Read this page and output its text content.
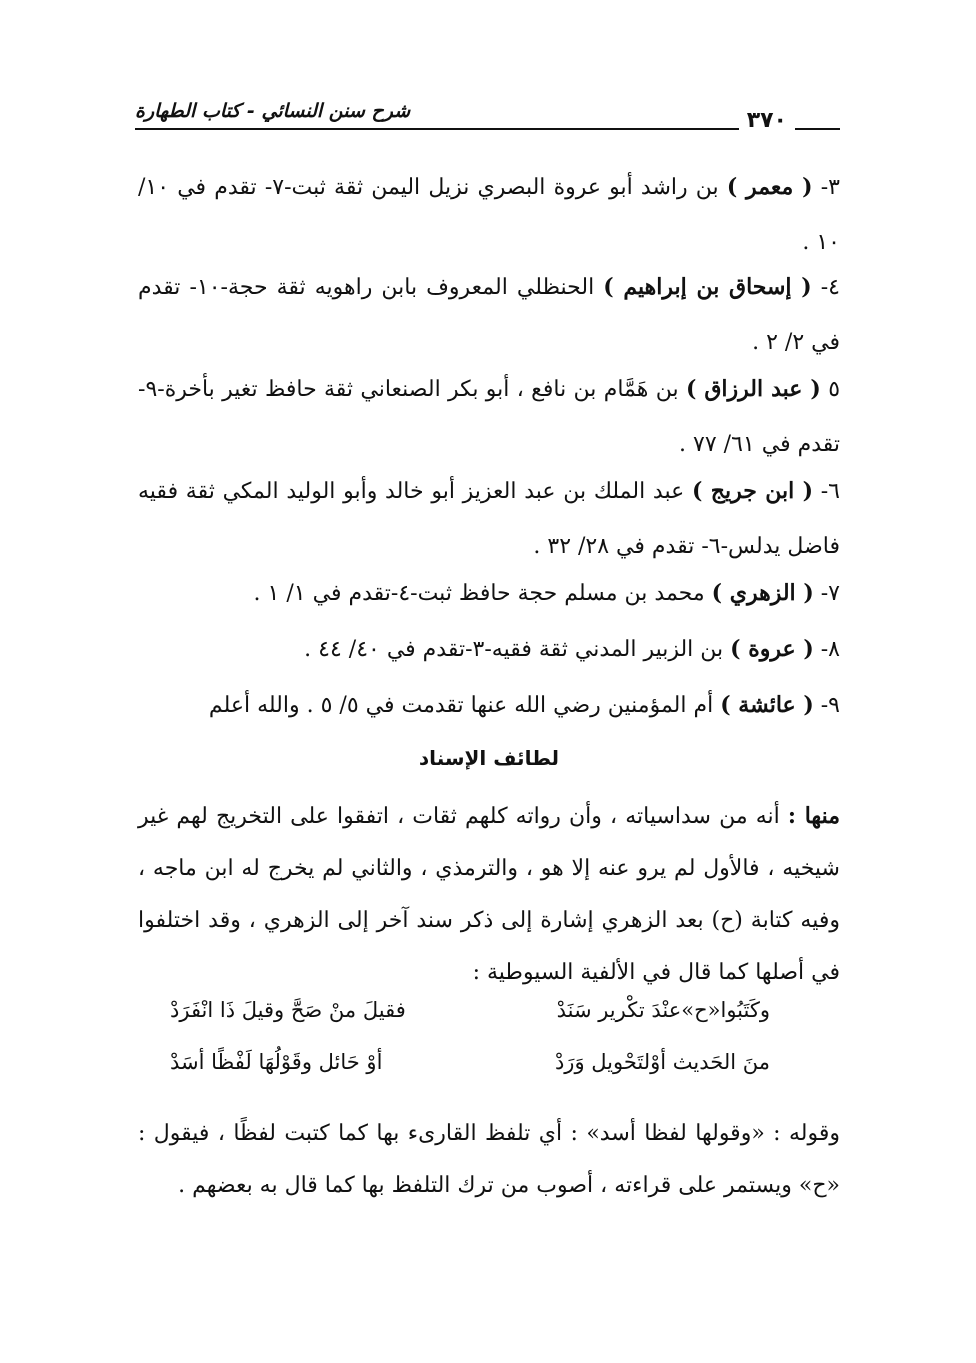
شرح سنن النسائي - كتاب الطهارة	٣٧٠
٣- ( معمر ) بن راشد أبو عروة البصري نزيل اليمن ثقة ثبت-٧- تقدم في ١٠/ ١٠ .
٤- ( إسحاق بن إبراهيم ) الحنظلي المعروف بابن راهويه ثقة حجة-١٠- تقدم في ٢/ ٢ .
٥ ( عبد الرزاق ) بن هَمَّام بن نافع ، أبو بكر الصنعاني ثقة حافظ تغير بأخرة-٩- تقدم في ٦١/ ٧٧ .
٦- ( ابن جريج ) عبد الملك بن عبد العزيز أبو خالد وأبو الوليد المكي ثقة فقيه فاضل يدلس-٦- تقدم في ٢٨/ ٣٢ .
٧- ( الزهري ) محمد بن مسلم حجة حافظ ثبت-٤-تقدم في ١/ ١ .
٨- ( عروة ) بن الزبير المدني ثقة فقيه-٣-تقدم في ٤٠/ ٤٤ .
٩- ( عائشة ) أم المؤمنين رضي الله عنها تقدمت في ٥/ ٥ . والله أعلم
لطائف الإسناد
منها : أنه من سداسياته ، وأن رواته كلهم ثقات ، اتفقوا على التخريج لهم غير شيخيه ، فالأول لم يرو عنه إلا هو ، والترمذي ، والثاني لم يخرج له ابن ماجه ، وفيه كتابة (ح) بعد الزهري إشارة إلى ذكر سند آخر إلى الزهري ، وقد اختلفوا في أصلها كما قال في الألفية السيوطية :
وكَتَبُوا«ح»عنْدَ تكْرير سَنَدْ
فقيلَ منْ صَحَّ وقيلَ ذَا انْفَرَدْ
منَ الحَديث أوْلتَحْويل وَرَدْ
أوْ حَائل وقَوْلُهَا لَفْظًا أسَدْ
وقوله : «وقولها لفظا أسد» : أي تلفظ القارىء بها كما كتبت لفظًا ، فيقول : «ح» ويستمر على قراءته ، أصوب من ترك التلفظ بها كما قال به بعضهم .
